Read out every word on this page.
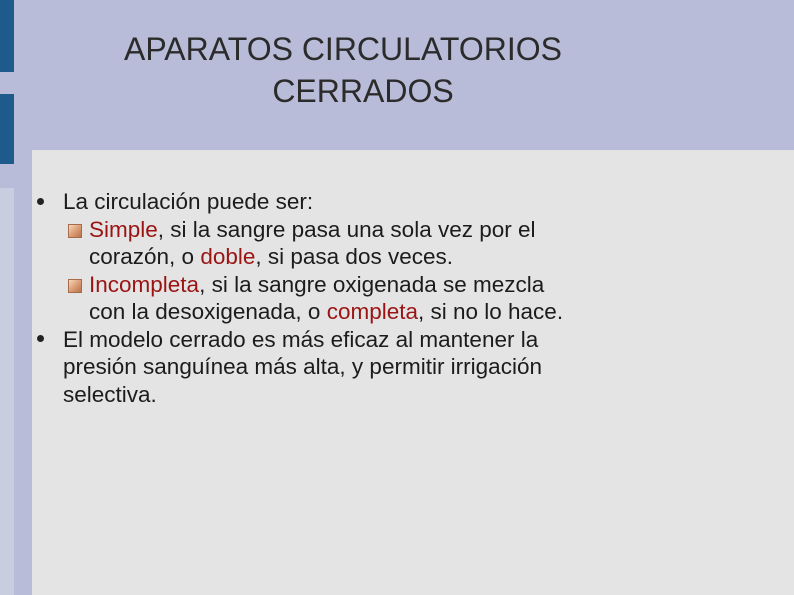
APARATOS CIRCULATORIOS
CERRADOS
La circulación puede ser:
Simple, si la sangre pasa una sola vez por el
corazón, o doble, si pasa dos veces.
Incompleta, si la sangre oxigenada se mezcla
con la desoxigenada, o completa, si no lo hace.
El modelo cerrado es más eficaz al mantener la
presión sanguínea más alta, y permitir irrigación
selectiva.
